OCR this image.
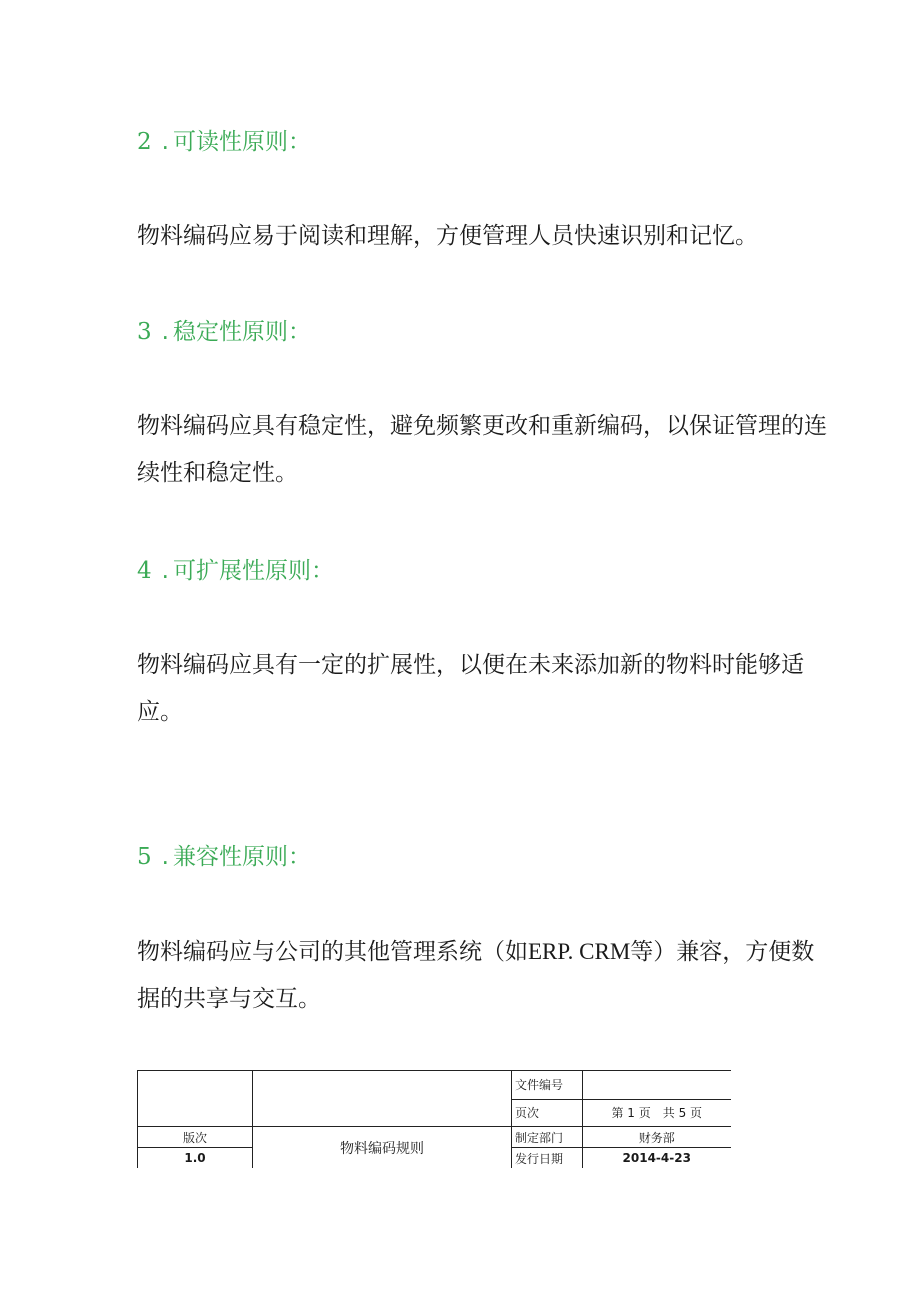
2 . 可读性原则：
物料编码应易于阅读和理解，方便管理人员快速识别和记忆。
3 . 稳定性原则：
物料编码应具有稳定性，避免频繁更改和重新编码，以保证管理的连续性和稳定性。
4 . 可扩展性原则：
物料编码应具有一定的扩展性，以便在未来添加新的物料时能够适应。
5 . 兼容性原则：
物料编码应与公司的其他管理系统（如ERP. CRM等）兼容，方便数据的共享与交互。
		文件编号	
		页次	第 1 页　共 5 页
版次	物料编码规则	制定部门	财务部
1.0		发行日期	2014-4-23
